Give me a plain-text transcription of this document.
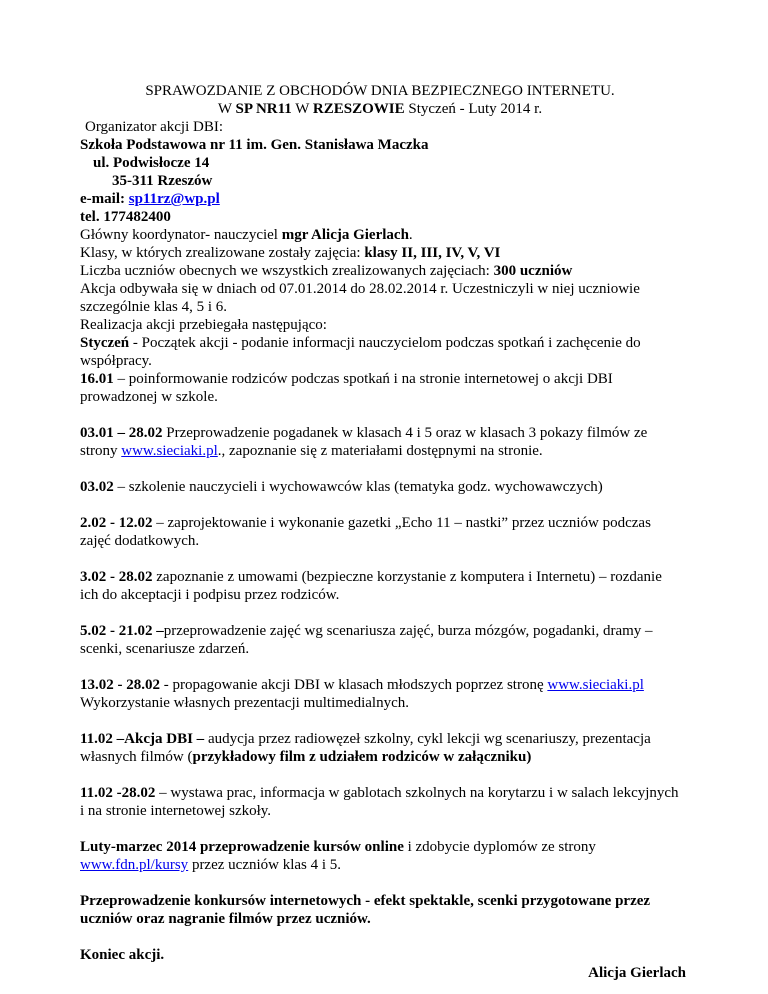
SPRAWOZDANIE Z OBCHODÓW DNIA BEZPIECZNEGO INTERNETU.

W SP NR11 W RZESZOWIE Styczeń - Luty 2014 r.

Organizator akcji DBI:

Szkoła Podstawowa nr 11 im. Gen. Stanisława Maczka

ul. Podwisłocze 14

35-311 Rzeszów

e-mail: sp11rz@wp.pl

tel. 177482400

Główny koordynator- nauczyciel mgr Alicja Gierlach.

Klasy, w których zrealizowane zostały zajęcia: klasy II, III, IV, V, VI

Liczba uczniów obecnych we wszystkich zrealizowanych zajęciach: 300 uczniów

Akcja odbywała się w dniach od 07.01.2014 do 28.02.2014 r. Uczestniczyli w niej uczniowie szczególnie klas 4, 5 i 6.

Realizacja akcji przebiegała następująco:

Styczeń - Początek akcji - podanie informacji nauczycielom podczas spotkań i zachęcenie do współpracy.

16.01 – poinformowanie rodziców podczas spotkań i na stronie internetowej o akcji DBI prowadzonej w szkole.

03.01 – 28.02 Przeprowadzenie pogadanek w klasach 4 i 5 oraz w klasach 3 pokazy filmów ze strony www.sieciaki.pl., zapoznanie się z materiałami dostępnymi na stronie.

03.02 – szkolenie nauczycieli i wychowawców klas (tematyka godz. wychowawczych)

2.02 - 12.02 – zaprojektowanie i wykonanie gazetki „Echo 11 – nastki” przez uczniów podczas zajęć dodatkowych.

3.02 - 28.02 zapoznanie z umowami (bezpieczne korzystanie z komputera i Internetu) – rozdanie ich do akceptacji i podpisu przez rodziców.

5.02 - 21.02 –przeprowadzenie zajęć wg scenariusza zajęć, burza mózgów, pogadanki, dramy – scenki, scenariusze zdarzeń.

13.02 - 28.02 - propagowanie akcji DBI w klasach młodszych poprzez stronę www.sieciaki.pl Wykorzystanie własnych prezentacji multimedialnych.

11.02 –Akcja DBI – audycja przez radiowęzeł szkolny, cykl lekcji wg scenariuszy, prezentacja własnych filmów (przykładowy film z udziałem rodziców w załączniku)

11.02 -28.02 – wystawa prac, informacja w gablotach szkolnych na korytarzu i w salach lekcyjnych i na stronie internetowej szkoły.

Luty-marzec 2014 przeprowadzenie kursów online i zdobycie dyplomów ze strony www.fdn.pl/kursy przez uczniów klas 4 i 5.

Przeprowadzenie konkursów internetowych - efekt spektakle, scenki przygotowane przez uczniów oraz nagranie filmów przez uczniów.

Koniec akcji.

Alicja Gierlach
